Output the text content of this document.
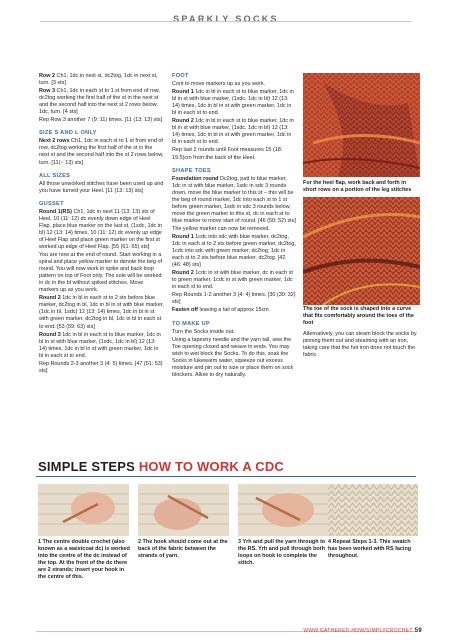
SPARKLY SOCKS

Row 2 Ch1, 1dc in next st, dc2tog, 1dc in next st, turn. [3 sts]

Row 3 Ch1, 1dc in each st to 1 st from end of row, dc2tog working the first half of the st in the next st and the second half into the next st 2 rows below, 1dc, turn. [4 sts]

Rep Row 3 another 7 (9: 11) times. [11 (13: 13) sts]

SIZE S AND L ONLY

Next 2 rows Ch1, 1dc in each st to 1 st from end of row, dc2tog working the first half of the st in the next st and the second half into the st 2 rows below, turn. [11(-: 13) sts]

ALL SIZES

All those unworked stitches have been used up and you have turned your Heel. [11 (13: 13) sts]

GUSSET

Round 1(RS) Ch1, 1dc in next 11 (13: 13) sts of Heel, 10 (11: 12) dc evenly down edge of Heel Flap, place blue marker on the last st, (1sdc, 1dc in bl) 12 (13: 14) times, 10 (11: 12) dc evenly up edge of Heel Flap and place green marker on the first st worked up edge of Heel Flap. [55 (61: 65) sts]

You are now at the end of round. Start working in a spiral and place yellow marker to denote the beg of round. You will now work in spike and back loop pattern on top of Foot only. The sole will be worked in dc in the bl without spiked stitches. Move markers up as you work.

Round 2 1dc in bl in each st to 2 sts before blue marker, dc2tog in bl, 1dc in bl in st with blue marker, (1dc in bl, 1sdc) 12 (13: 14) times, 1dc in bl in st with green marker, dc2tog in bl, 1dc in bl in each st to end. [53 (59: 63) sts]

Round 3 1dc in bl in each st to blue marker, 1dc in bl in st with blue marker, (1sdc, 1dc in bl) 12 (13: 14) times, 1dc in bl in st with green marker, 1dc in bl in each st to end.

Rep Rounds 2-3 another 3 (4: 5) times. [47 (51: 53) sts]

FOOT

Cont to move markers up as you work.

Round 1 1dc in bl in each st to blue marker, 1dc in bl in st with blue marker, (1sdc, 1dc in bl) 12 (13: 14) times, 1dc in bl in st with green marker, 1dc in bl in each st to end.

Round 2 1dc in bl in each st to blue marker, 1dc in bl in st with blue marker, (1sdc, 1dc in bl) 12 (13: 14) times, 1dc in bl in st with green marker, 1dc in bl in each st to end.

Rep last 2 rounds until Foot measures 15 (18: 19.5)cm from the back of the Heel.

SHAPE TOES

Foundation round Dc2tog, patt to blue marker, 1dc in st with blue marker, 1sdc in sdc 3 rounds down, move the blue marker to this st – this will be the beg of round marker, 1dc into each st to 1 st before green marker, 1sdc in sdc 3 rounds below, move the green marker to this st, dc in each st to blue marker to move start of round. [46 (50: 52) sts]

The yellow marker can now be removed.

Round 1 1cdc into sdc with blue marker, dc2tog, 1dc in each st to 2 sts before green marker, dc2tog, 1cdc into sdc with green marker, dc2tog, 1dc in each st to 2 sts before blue marker, dc2tog. [42 (46: 48) sts]

Round 2 1cdc in st with blue marker, dc in each st to green marker, 1cdc in st with green marker, 1dc in each st to end.

Rep Rounds 1-2 another 3 (4: 4) times. [30 (30: 32) sts]

Fasten off leaving a tail of approx 15cm.

TO MAKE UP

Turn the Socks inside out.

Using a tapestry needle and the yarn tail, sew the Toe opening closed and weave in ends. You may wish to wet block the Socks. To do this, soak the Socks in lukewarm water, squeeze out excess moisture and pin out to size or place them on sock blockers. Allow to dry naturally.

For the heel flap, work back and forth in short rows on a portion of the leg stitches
The toe of the sock is shaped into a curve that fits comfortably around the toes of the foot
Alternatively, you can steam block the socks by pinning them out and steaming with an iron, taking care that the hot iron does not touch the fabric.
SIMPLE STEPS HOW TO WORK A CDC
1 The centre double crochet (also known as a waistcoat dc) is worked into the centre of the dc instead of the top. At the front of the dc there are 2 strands; insert your hook in the centre of this.
2 The hook should come out at the back of the fabric between the strands of yarn.
3 Yrh and pull the yarn through to the RS. Yrh and pull through both loops on hook to complete the stitch.
4 Repeat Steps 1-3. This swatch has been worked with RS facing throughout.
WWW.GATHERED.HOW/SIMPLYCROCHET 59
